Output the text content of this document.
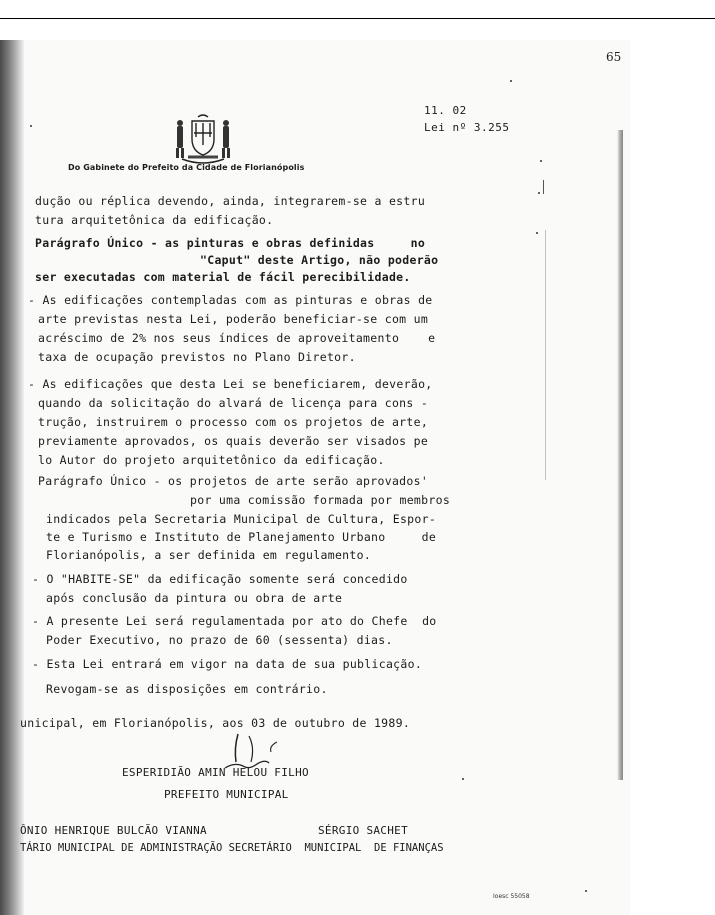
65
Do Gabinete do Prefeito da Cidade de Florianópolis
11. 02
Lei nº 3.255
dução ou réplica devendo, ainda, integrarem-se a estru
tura arquitetônica da edificação.
Parágrafo Único - as pinturas e obras definidas     no
"Caput" deste Artigo, não poderão
ser executadas com material de fácil perecibilidade.
- As edificações contempladas com as pinturas e obras de
arte previstas nesta Lei, poderão beneficiar-se com um
acréscimo de 2% nos seus índices de aproveitamento    e
taxa de ocupação previstos no Plano Diretor.
- As edificações que desta Lei se beneficiarem, deverão,
quando da solicitação do alvará de licença para cons -
trução, instruirem o processo com os projetos de arte,
previamente aprovados, os quais deverão ser visados pe
lo Autor do projeto arquitetônico da edificação.
Parágrafo Único - os projetos de arte serão aprovados'
por uma comissão formada por membros
indicados pela Secretaria Municipal de Cultura, Espor-
te e Turismo e Instituto de Planejamento Urbano     de
Florianópolis, a ser definida em regulamento.
- O "HABITE-SE" da edificação somente será concedido
após conclusão da pintura ou obra de arte
- A presente Lei será regulamentada por ato do Chefe  do
Poder Executivo, no prazo de 60 (sessenta) dias.
- Esta Lei entrará em vigor na data de sua publicação.
Revogam-se as disposições em contrário.
unicipal, em Florianópolis, aos 03 de outubro de 1989.
ESPERIDIÃO AMIN HELOU FILHO
PREFEITO MUNICIPAL
ÔNIO HENRIQUE BULCÃO VIANNA	SÉRGIO SACHET
TÁRIO MUNICIPAL DE ADMINISTRAÇÃO SECRETÁRIO  MUNICIPAL  DE FINANÇAS
Ioesc 55058
